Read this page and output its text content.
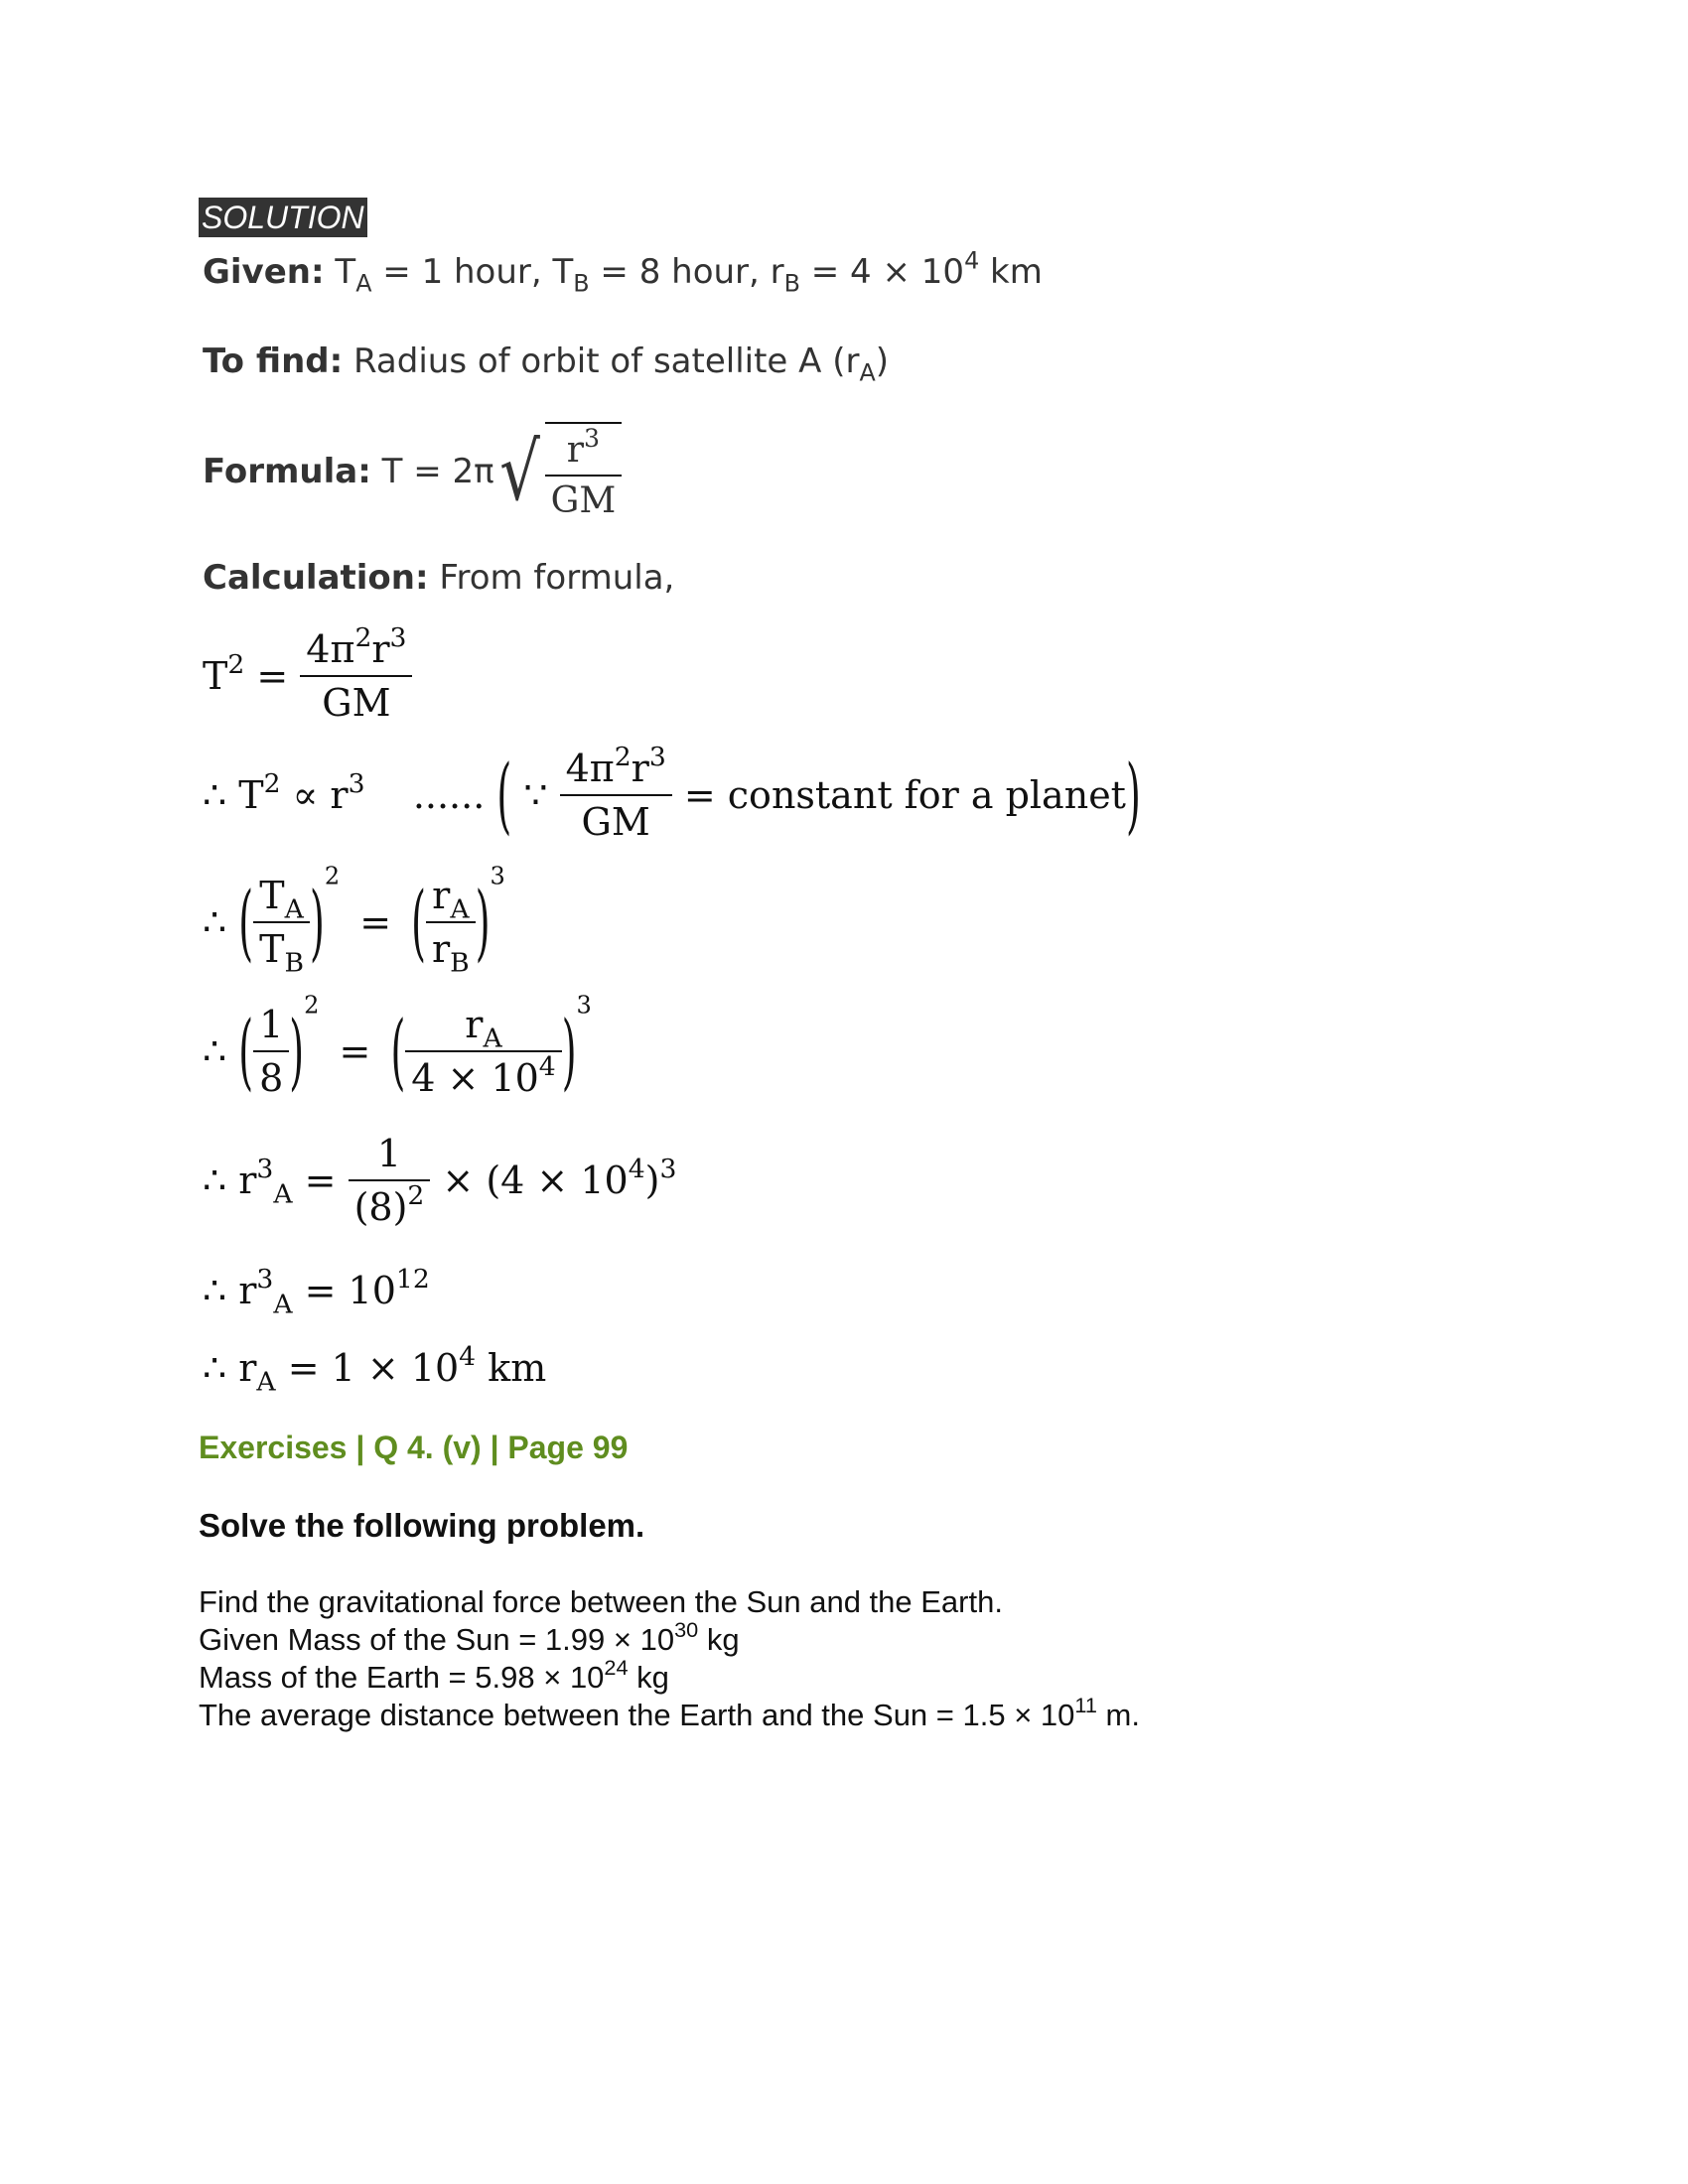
SOLUTION
Given: $T_A = 1$ hour, $T_B = 8$ hour, $r_B = 4 \times 10^4$ km
To find: Radius of orbit of satellite A $(r_A)$
Formula: $T = 2\pi√ \frac{r^3}{GM}$
Calculation: From formula,
$T^2 = \frac{4\pi^2r^3}{GM}$
∴ $T^2 \propto r^3$    ...... ( ∵ $\frac{4\pi^2r^3}{GM}$ = constant for a planet)
∴ ( $\frac{T_A}{T_B} )^2$ = ( $\frac{r_A}{r_B} )^3$
∴ ( $\frac{1}{8} )^2$ = ( $\frac{r_A}{4 \times 10^4} )^3$
∴ $r^3_A = \frac{1}{(8)^2} \times (4 \times 10^4)^3$
∴ $r^3_A = 10^{12}$
∴ $r_A = 1 \times 10^4$ km
Exercises | Q 4. (v) | Page 99
Solve the following problem.
Find the gravitational force between the Sun and the Earth.
Given Mass of the Sun = $1.99 \times 10^{30}$ kg
Mass of the Earth = $5.98 \times 10^{24}$ kg
The average distance between the Earth and the Sun = $1.5 \times 10^{11}$ m.
